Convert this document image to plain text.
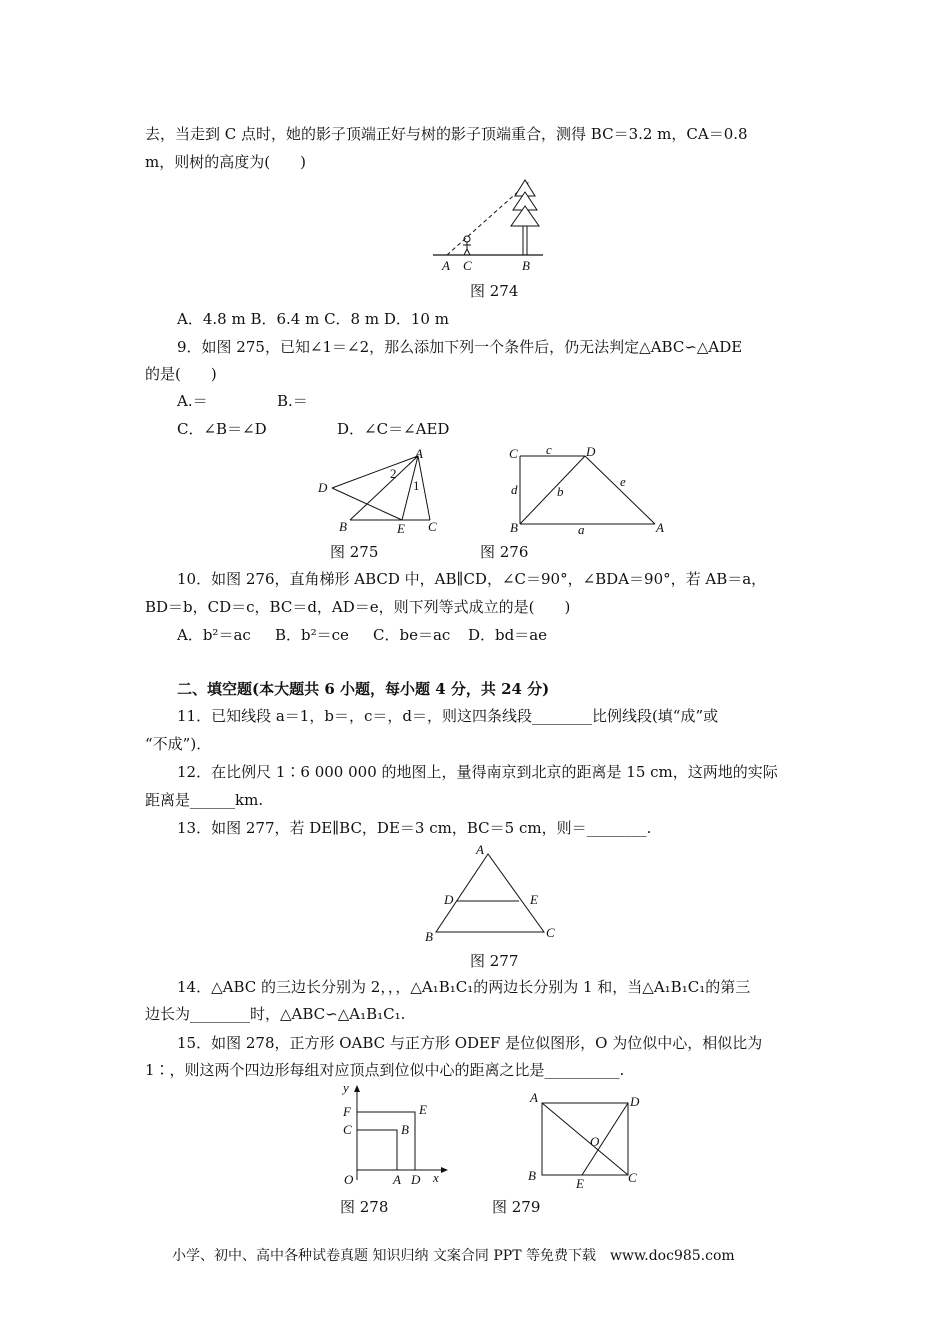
去，当走到 C 点时，她的影子顶端正好与树的影子顶端重合，测得 BC＝3.2 m，CA＝0.8
m，则树的高度为(　　)
A C	B
图 274
A．4.8 m B．6.4 m C．8 m D．10 m
9．如图 275，已知∠1＝∠2，那么添加下列一个条件后，仍无法判定△ABC∽△ADE
的是(　　)
A.＝	B.＝
C．∠B＝∠D	D．∠C＝∠AED
A
D
2
1
B	E C
图 275
C c	D
d	b
e
B	a	A
图 276
10．如图 276，直角梯形 ABCD 中，AB∥CD，∠C＝90°，∠BDA＝90°，若 AB＝a，
BD＝b，CD＝c，BC＝d，AD＝e，则下列等式成立的是(　　)
A．b²＝ac B．b²＝ce C．be＝ac D．bd＝ae
二、填空题(本大题共 6 小题，每小题 4 分，共 24 分)
11．已知线段 a＝1，b＝，c＝，d＝，则这四条线段________比例线段(填“成”或
“不成”)．
12．在比例尺 1∶6 000 000 的地图上，量得南京到北京的距离是 15 cm，这两地的实际
距离是______km.
13．如图 277，若 DE∥BC，DE＝3 cm，BC＝5 cm，则＝________.
A
D	E
B	C
图 277
14．△ABC 的三边长分别为 2，，，△A₁B₁C₁的两边长分别为 1 和，当△A₁B₁C₁的第三
边长为________时，△ABC∽△A₁B₁C₁.
15．如图 278，正方形 OABC 与正方形 ODEF 是位似图形，O 为位似中心，相似比为
1∶，则这两个四边形每组对应顶点到位似中心的距离之比是__________.
y
F	E
C	B
O	A D x
图 278
A	D
O
B
E	C
图 279
小学、初中、高中各种试卷真题 知识归纳 文案合同 PPT 等免费下载　www.doc985.com
